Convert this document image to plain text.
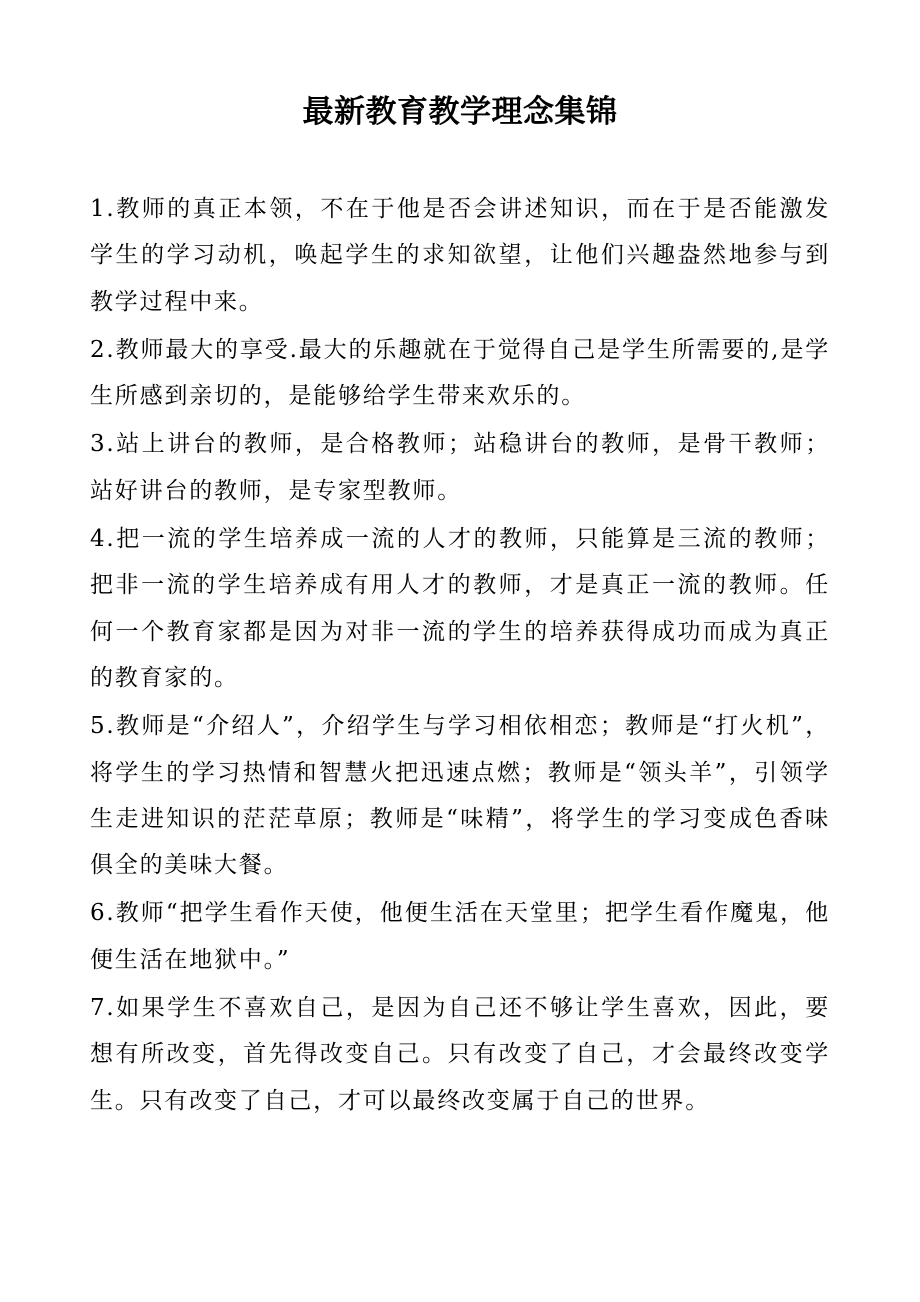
最新教育教学理念集锦

1.教师的真正本领，不在于他是否会讲述知识，而在于是否能激发学生的学习动机，唤起学生的求知欲望，让他们兴趣盎然地参与到教学过程中来。

2.教师最大的享受.最大的乐趣就在于觉得自己是学生所需要的,是学生所感到亲切的，是能够给学生带来欢乐的。

3.站上讲台的教师，是合格教师；站稳讲台的教师，是骨干教师；站好讲台的教师，是专家型教师。

4.把一流的学生培养成一流的人才的教师，只能算是三流的教师；把非一流的学生培养成有用人才的教师，才是真正一流的教师。任何一个教育家都是因为对非一流的学生的培养获得成功而成为真正的教育家的。

5.教师是“介绍人”，介绍学生与学习相依相恋；教师是“打火机”，将学生的学习热情和智慧火把迅速点燃；教师是“领头羊”，引领学生走进知识的茫茫草原；教师是“味精”，将学生的学习变成色香味俱全的美味大餐。

6.教师“把学生看作天使，他便生活在天堂里；把学生看作魔鬼，他便生活在地狱中。”

7.如果学生不喜欢自己，是因为自己还不够让学生喜欢，因此，要想有所改变，首先得改变自己。只有改变了自己，才会最终改变学生。只有改变了自己，才可以最终改变属于自己的世界。
